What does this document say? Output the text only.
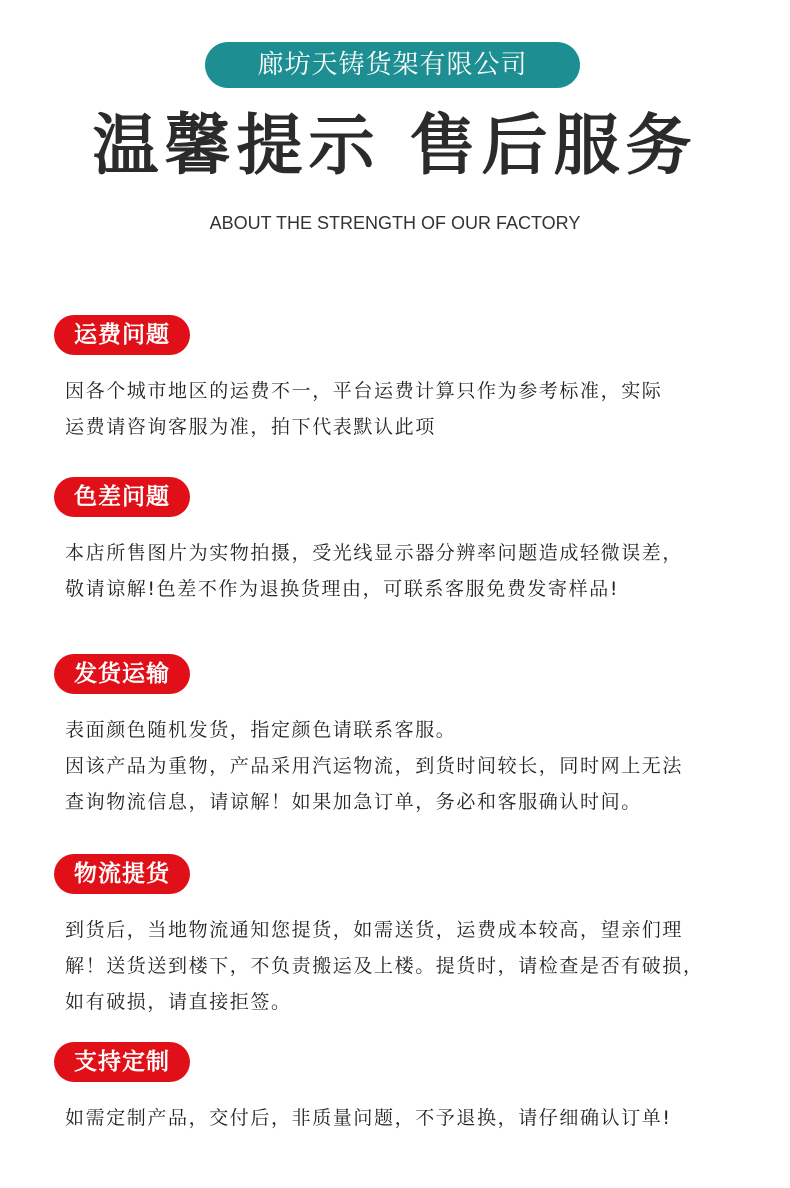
廊坊天铸货架有限公司
温馨提示 售后服务
ABOUT THE STRENGTH OF OUR FACTORY
运费问题
因各个城市地区的运费不一，平台运费计算只作为参考标准，实际
运费请咨询客服为准，拍下代表默认此项
色差问题
本店所售图片为实物拍摄，受光线显示器分辨率问题造成轻微误差，
敬请谅解!色差不作为退换货理由，可联系客服免费发寄样品!
发货运输
表面颜色随机发货，指定颜色请联系客服。
因该产品为重物，产品采用汽运物流，到货时间较长，同时网上无法
查询物流信息，请谅解！如果加急订单，务必和客服确认时间。
物流提货
到货后，当地物流通知您提货，如需送货，运费成本较高，望亲们理
解！送货送到楼下，不负责搬运及上楼。提货时，请检查是否有破损，
如有破损，请直接拒签。
支持定制
如需定制产品，交付后，非质量问题，不予退换，请仔细确认订单!
